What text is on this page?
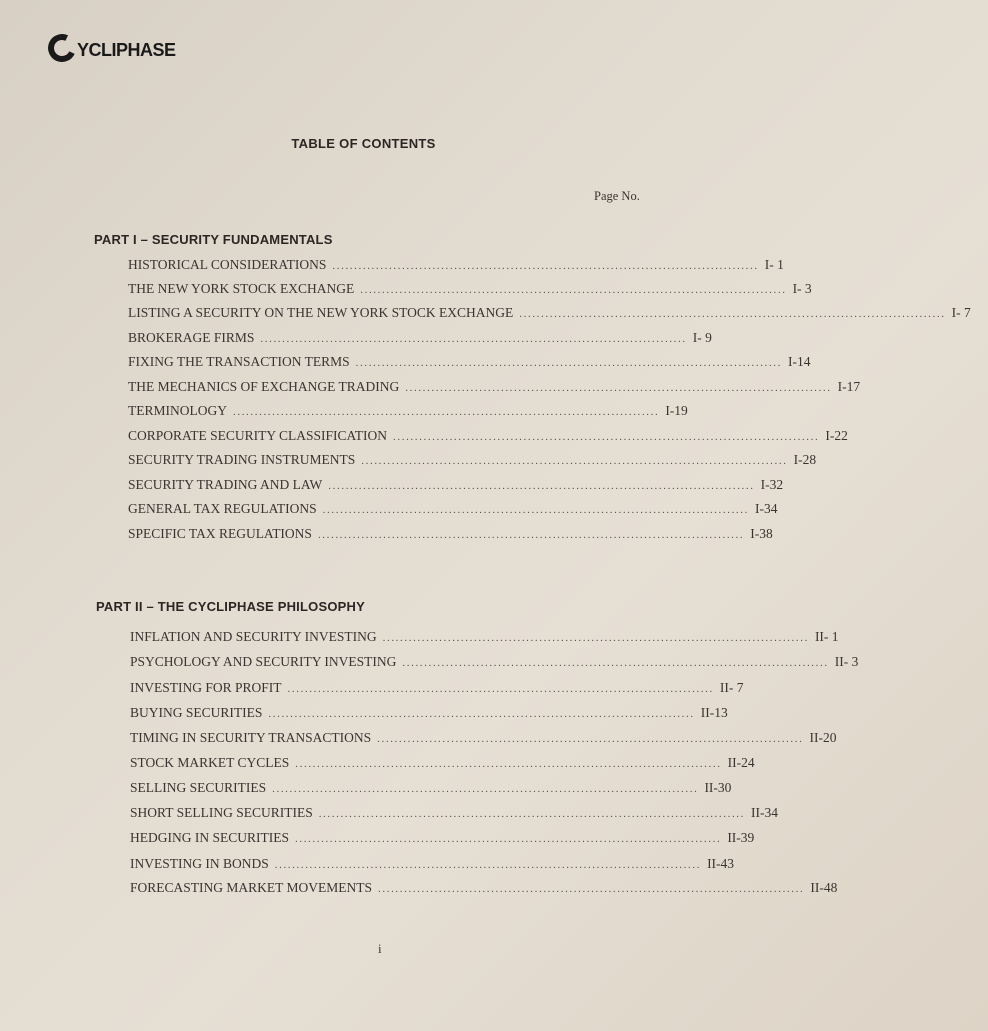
YCLIPHASE
TABLE OF CONTENTS
Page No.
PART I – SECURITY FUNDAMENTALS
HISTORICAL CONSIDERATIONS .................................................................................................. I- 1
THE NEW YORK STOCK EXCHANGE .................................................................................................. I- 3
LISTING A SECURITY ON THE NEW YORK STOCK EXCHANGE .................................................................................................. I- 7
BROKERAGE FIRMS .................................................................................................. I- 9
FIXING THE TRANSACTION TERMS .................................................................................................. I-14
THE MECHANICS OF EXCHANGE TRADING .................................................................................................. I-17
TERMINOLOGY .................................................................................................. I-19
CORPORATE SECURITY CLASSIFICATION .................................................................................................. I-22
SECURITY TRADING INSTRUMENTS .................................................................................................. I-28
SECURITY TRADING AND LAW .................................................................................................. I-32
GENERAL TAX REGULATIONS .................................................................................................. I-34
SPECIFIC TAX REGULATIONS .................................................................................................. I-38
PART II – THE CYCLIPHASE PHILOSOPHY
INFLATION AND SECURITY INVESTING .................................................................................................. II- 1
PSYCHOLOGY AND SECURITY INVESTING .................................................................................................. II- 3
INVESTING FOR PROFIT .................................................................................................. II- 7
BUYING SECURITIES .................................................................................................. II-13
TIMING IN SECURITY TRANSACTIONS .................................................................................................. II-20
STOCK MARKET CYCLES .................................................................................................. II-24
SELLING SECURITIES .................................................................................................. II-30
SHORT SELLING SECURITIES .................................................................................................. II-34
HEDGING IN SECURITIES .................................................................................................. II-39
INVESTING IN BONDS .................................................................................................. II-43
FORECASTING MARKET MOVEMENTS .................................................................................................. II-48
i
